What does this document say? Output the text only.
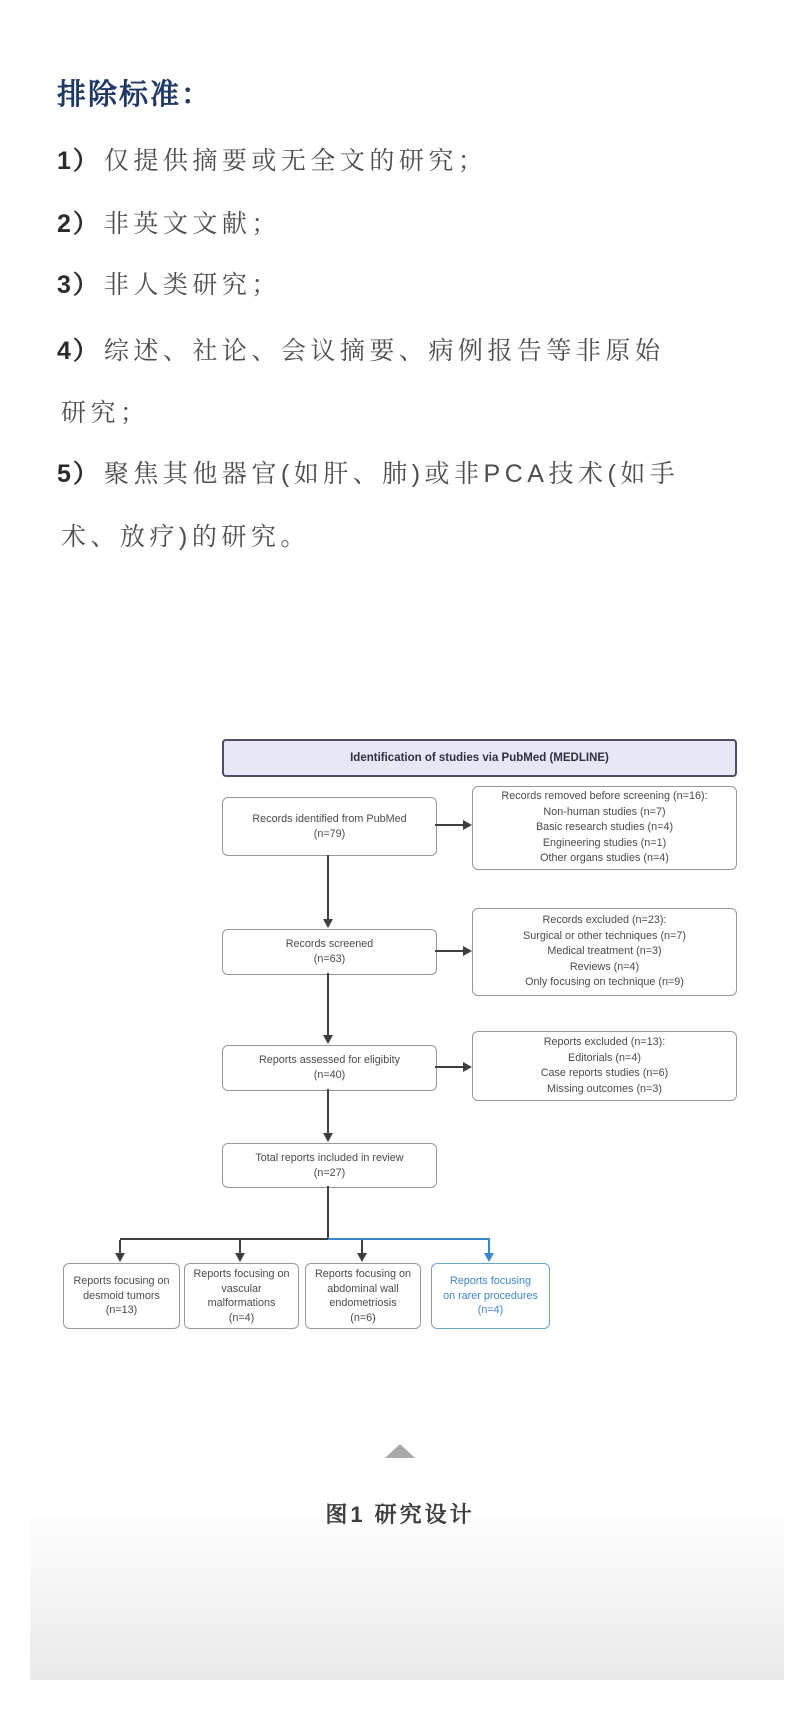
排除标准：

1） 仅提供摘要或无全文的研究；

2） 非英文文献；

3） 非人类研究；

4） 综述、社论、会议摘要、病例报告等非原始

研究；

5） 聚焦其他器官(如肝、肺)或非PCA技术(如手

术、放疗)的研究。

Identification of studies via PubMed (MEDLINE)
Records identified from PubMed
(n=79)
Records screened
(n=63)
Reports assessed for eligibity
(n=40)
Total reports included in review
(n=27)
Records removed before screening (n=16):
Non-human studies (n=7)
Basic research studies (n=4)
Engineering studies (n=1)
Other organs studies (n=4)
Records excluded (n=23):
Surgical or other techniques (n=7)
Medical treatment (n=3)
Reviews (n=4)
Only focusing on technique (n=9)
Reports excluded (n=13):
Editorials (n=4)
Case reports studies (n=6)
Missing outcomes (n=3)
Reports focusing on
desmoid tumors
(n=13)
Reports focusing on
vascular
malformations
(n=4)
Reports focusing on
abdominal wall
endometriosis
(n=6)
Reports focusing
on rarer procedures
(n=4)
图1 研究设计
